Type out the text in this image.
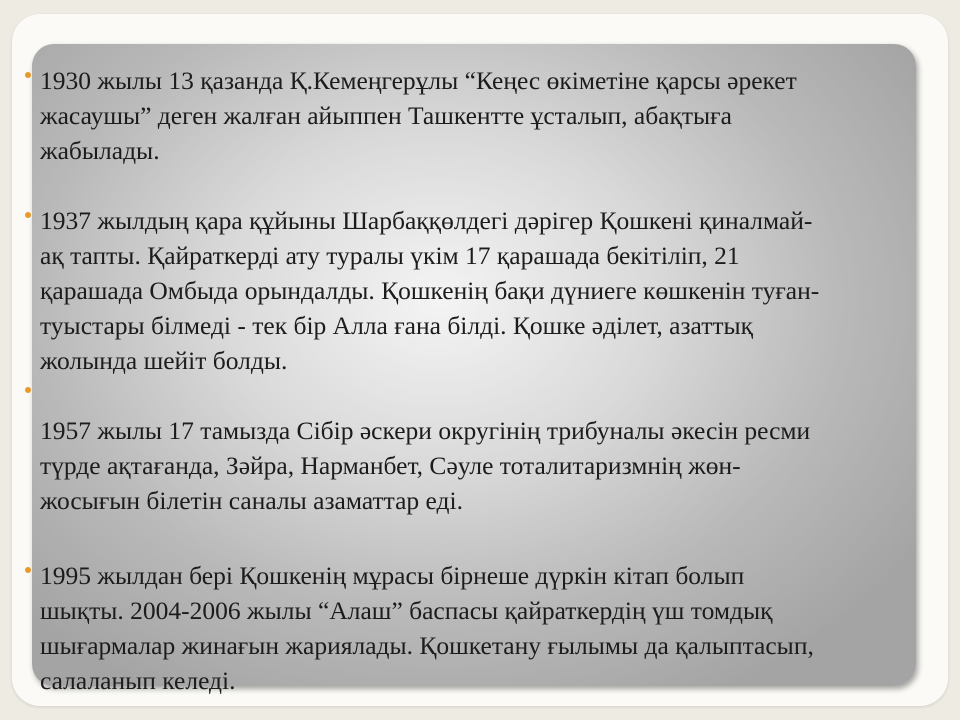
1930 жылы 13 қазанда Қ.Кемеңгерұлы “Кеңес өкіметіне қарсы әрекет
жасаушы” деген жалған айыппен Ташкентте ұсталып, абақтыға
жабылады.
1937 жылдың қара құйыны Шарбаққөлдегі дәрігер Қошкені қиналмай-
ақ тапты. Қайраткерді ату туралы үкім 17 қарашада бекітіліп, 21
қарашада Омбыда орындалды. Қошкенің бақи дүниеге көшкенін туған-
туыстары білмеді - тек бір Алла ғана білді. Қошке әділет, азаттық
жолында шейіт болды.
1957 жылы 17 тамызда Сібір әскери округінің трибуналы әкесін ресми
түрде ақтағанда, Зәйра, Нарманбет, Сәуле тоталитаризмнің жөн-
жосығын білетін саналы азаматтар еді.
1995 жылдан бері Қошкенің мұрасы бірнеше дүркін кітап болып
шықты. 2004-2006 жылы “Алаш” баспасы қайраткердің үш томдық
шығармалар жинағын жариялады. Қошкетану ғылымы да қалыптасып,
салаланып келеді.
